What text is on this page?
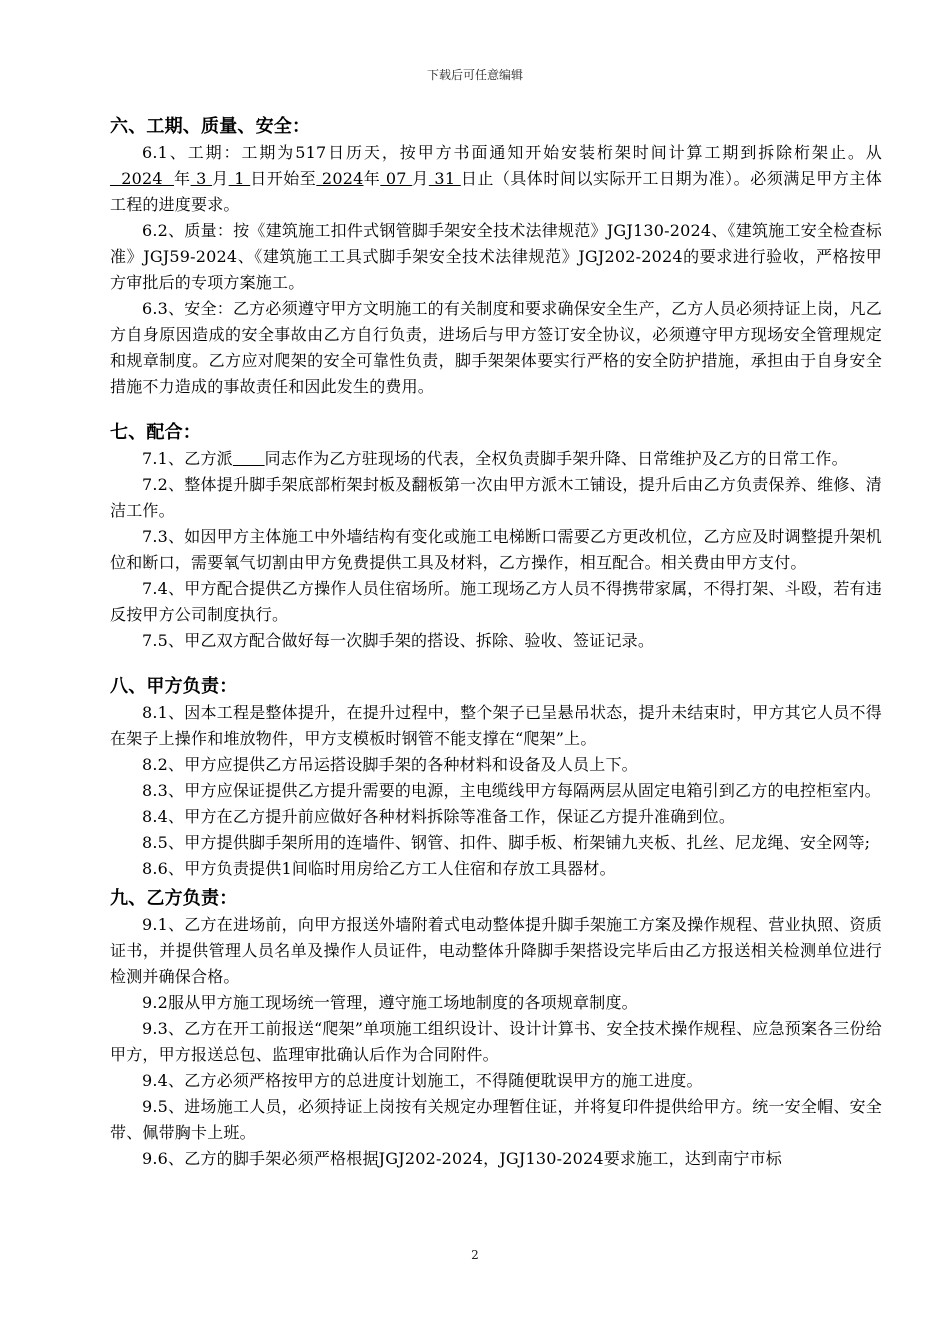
下载后可任意编辑
六、工期、质量、安全：

6.1、工期：工期为517日历天，按甲方书面通知开始安装桁架时间计算工期到拆除桁架止。从  2024  年 3 月 1 日开始至 2024年 07 月 31 日止（具体时间以实际开工日期为准）。必须满足甲方主体工程的进度要求。

6.2、质量：按《建筑施工扣件式钢管脚手架安全技术法律规范》JGJ130-2024、《建筑施工安全检查标准》JGJ59-2024、《建筑施工工具式脚手架安全技术法律规范》JGJ202-2024的要求进行验收，严格按甲方审批后的专项方案施工。

6.3、安全：乙方必须遵守甲方文明施工的有关制度和要求确保安全生产，乙方人员必须持证上岗，凡乙方自身原因造成的安全事故由乙方自行负责，进场后与甲方签订安全协议，必须遵守甲方现场安全管理规定和规章制度。乙方应对爬架的安全可靠性负责，脚手架架体要实行严格的安全防护措施，承担由于自身安全措施不力造成的事故责任和因此发生的费用。

七、配合：

7.1、乙方派 同志作为乙方驻现场的代表，全权负责脚手架升降、日常维护及乙方的日常工作。

7.2、整体提升脚手架底部桁架封板及翻板第一次由甲方派木工铺设，提升后由乙方负责保养、维修、清洁工作。

7.3、如因甲方主体施工中外墙结构有变化或施工电梯断口需要乙方更改机位，乙方应及时调整提升架机位和断口，需要氧气切割由甲方免费提供工具及材料，乙方操作，相互配合。相关费由甲方支付。

7.4、甲方配合提供乙方操作人员住宿场所。施工现场乙方人员不得携带家属，不得打架、斗殴，若有违反按甲方公司制度执行。

7.5、甲乙双方配合做好每一次脚手架的搭设、拆除、验收、签证记录。

八、甲方负责：

8.1、因本工程是整体提升，在提升过程中，整个架子已呈悬吊状态，提升未结束时，甲方其它人员不得在架子上操作和堆放物件，甲方支模板时钢管不能支撑在“爬架”上。

8.2、甲方应提供乙方吊运搭设脚手架的各种材料和设备及人员上下。

8.3、甲方应保证提供乙方提升需要的电源，主电缆线甲方每隔两层从固定电箱引到乙方的电控柜室内。

8.4、甲方在乙方提升前应做好各种材料拆除等准备工作，保证乙方提升准确到位。

8.5、甲方提供脚手架所用的连墙件、钢管、扣件、脚手板、桁架铺九夹板、扎丝、尼龙绳、安全网等;

8.6、甲方负责提供1间临时用房给乙方工人住宿和存放工具器材。

九、乙方负责：

9.1、乙方在进场前，向甲方报送外墙附着式电动整体提升脚手架施工方案及操作规程、营业执照、资质证书，并提供管理人员名单及操作人员证件，电动整体升降脚手架搭设完毕后由乙方报送相关检测单位进行检测并确保合格。

9.2服从甲方施工现场统一管理，遵守施工场地制度的各项规章制度。

9.3、乙方在开工前报送“爬架”单项施工组织设计、设计计算书、安全技术操作规程、应急预案各三份给甲方，甲方报送总包、监理审批确认后作为合同附件。

9.4、乙方必须严格按甲方的总进度计划施工，不得随便耽误甲方的施工进度。

9.5、进场施工人员，必须持证上岗按有关规定办理暂住证，并将复印件提供给甲方。统一安全帽、安全带、佩带胸卡上班。

9.6、乙方的脚手架必须严格根据JGJ202-2024，JGJ130-2024要求施工，达到南宁市标

2
